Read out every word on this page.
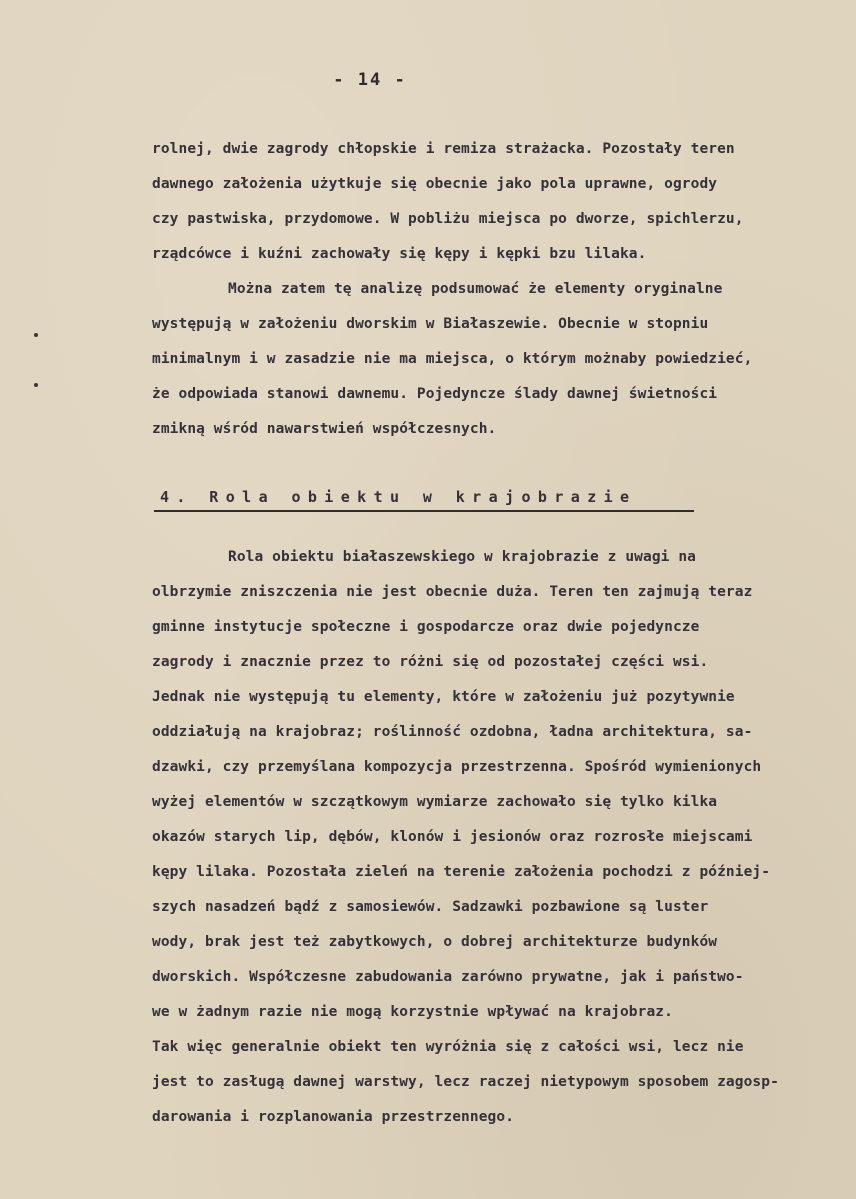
- 14 -
rolnej, dwie zagrody chłopskie i remiza strażacka. Pozostały teren
dawnego założenia użytkuje się obecnie jako pola uprawne, ogrody
czy pastwiska, przydomowe. W pobliżu miejsca po dworze, spichlerzu,
rządcówce i kuźni zachowały się kępy i kępki bzu lilaka.
Można zatem tę analizę podsumować że elementy oryginalne
występują w założeniu dworskim w Białaszewie. Obecnie w stopniu
minimalnym i w zasadzie nie ma miejsca, o którym możnaby powiedzieć,
że odpowiada stanowi dawnemu. Pojedyncze ślady dawnej świetności
zmikną wśród nawarstwień współczesnych.
4. Rola obiektu w krajobrazie
Rola obiektu białaszewskiego w krajobrazie z uwagi na
olbrzymie zniszczenia nie jest obecnie duża. Teren ten zajmują teraz
gminne instytucje społeczne i gospodarcze oraz dwie pojedyncze
zagrody i znacznie przez to różni się od pozostałej części wsi.
Jednak nie występują tu elementy, które w założeniu już pozytywnie
oddziałują na krajobraz; roślinność ozdobna, ładna architektura, sa-
dzawki, czy przemyślana kompozycja przestrzenna. Spośród wymienionych
wyżej elementów w szczątkowym wymiarze zachowało się tylko kilka
okazów starych lip, dębów, klonów i jesionów oraz rozrosłe miejscami
kępy lilaka. Pozostała zieleń na terenie założenia pochodzi z później-
szych nasadzeń bądź z samosiewów. Sadzawki pozbawione są luster
wody, brak jest też zabytkowych, o dobrej architekturze budynków
dworskich. Współczesne zabudowania zarówno prywatne, jak i państwo-
we w żadnym razie nie mogą korzystnie wpływać na krajobraz.
Tak więc generalnie obiekt ten wyróżnia się z całości wsi, lecz nie
jest to zasługą dawnej warstwy, lecz raczej nietypowym sposobem zagosp-
darowania i rozplanowania przestrzennego.
